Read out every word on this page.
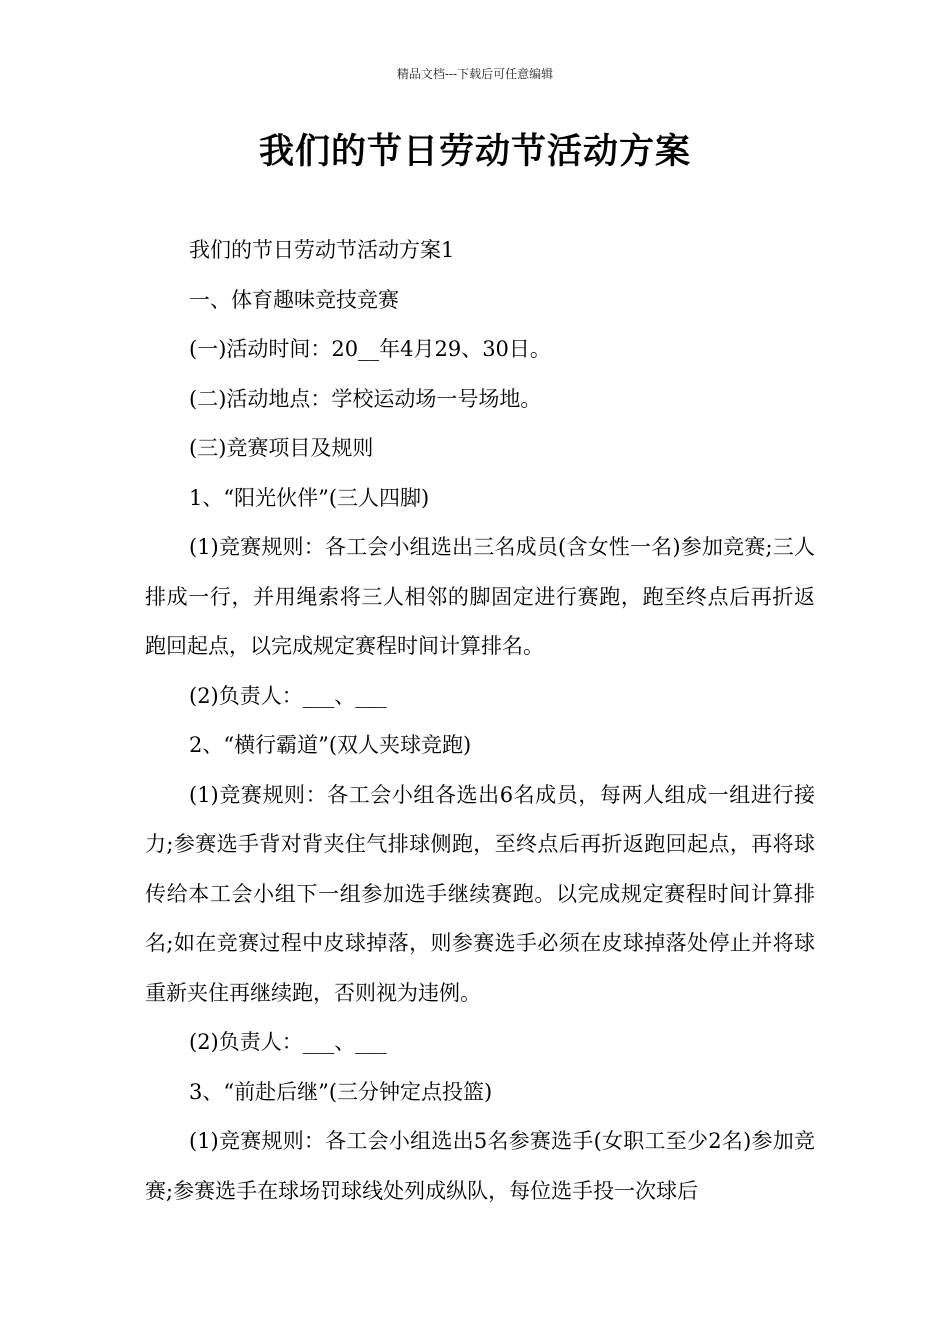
精品文档---下载后可任意编辑
我们的节日劳动节活动方案

我们的节日劳动节活动方案1

一、体育趣味竞技竞赛

(一)活动时间：20__年4月29、30日。

(二)活动地点：学校运动场一号场地。

(三)竞赛项目及规则

1、“阳光伙伴”(三人四脚)

(1)竞赛规则：各工会小组选出三名成员(含女性一名)参加竞赛;三人排成一行，并用绳索将三人相邻的脚固定进行赛跑，跑至终点后再折返跑回起点，以完成规定赛程时间计算排名。

(2)负责人：___、___

2、“横行霸道”(双人夹球竞跑)

(1)竞赛规则：各工会小组各选出6名成员，每两人组成一组进行接力;参赛选手背对背夹住气排球侧跑，至终点后再折返跑回起点，再将球传给本工会小组下一组参加选手继续赛跑。以完成规定赛程时间计算排名;如在竞赛过程中皮球掉落，则参赛选手必须在皮球掉落处停止并将球重新夹住再继续跑，否则视为违例。

(2)负责人：___、___

3、“前赴后继”(三分钟定点投篮)

(1)竞赛规则：各工会小组选出5名参赛选手(女职工至少2名)参加竞赛;参赛选手在球场罚球线处列成纵队，每位选手投一次球后
